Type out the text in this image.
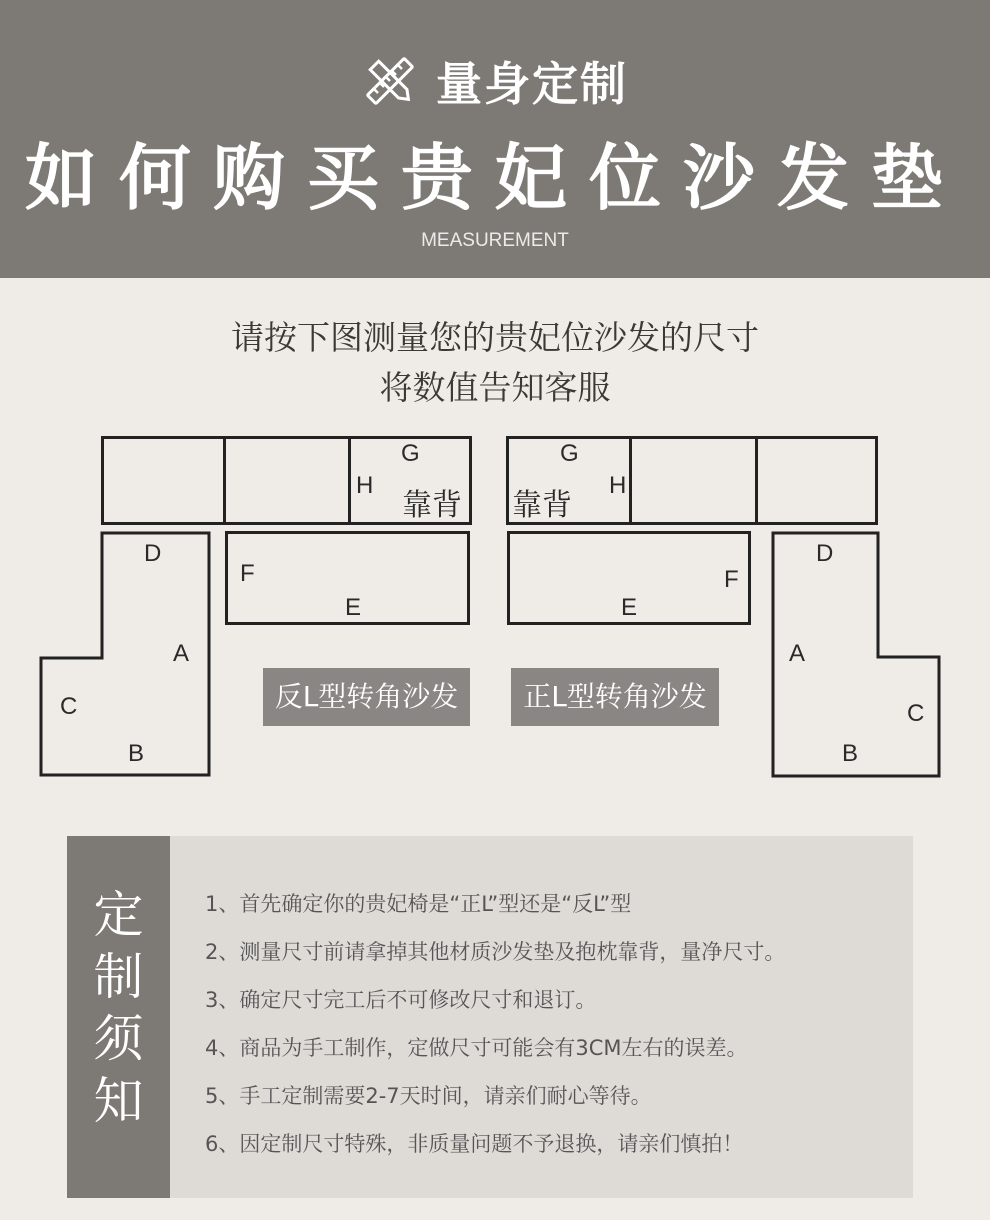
量身定制
如何购买贵妃位沙发垫
MEASUREMENT
请按下图测量您的贵妃位沙发的尺寸
将数值告知客服
G
H
靠背
G
H
靠背
D
A
C
B
D
A
C
B
F
E
F
E
反L型转角沙发	正L型转角沙发
定
制
须
知
1、首先确定你的贵妃椅是“正L”型还是“反L”型
2、测量尺寸前请拿掉其他材质沙发垫及抱枕靠背，量净尺寸。
3、确定尺寸完工后不可修改尺寸和退订。
4、商品为手工制作，定做尺寸可能会有3CM左右的误差。
5、手工定制需要2-7天时间，请亲们耐心等待。
6、因定制尺寸特殊，非质量问题不予退换，请亲们慎拍！
